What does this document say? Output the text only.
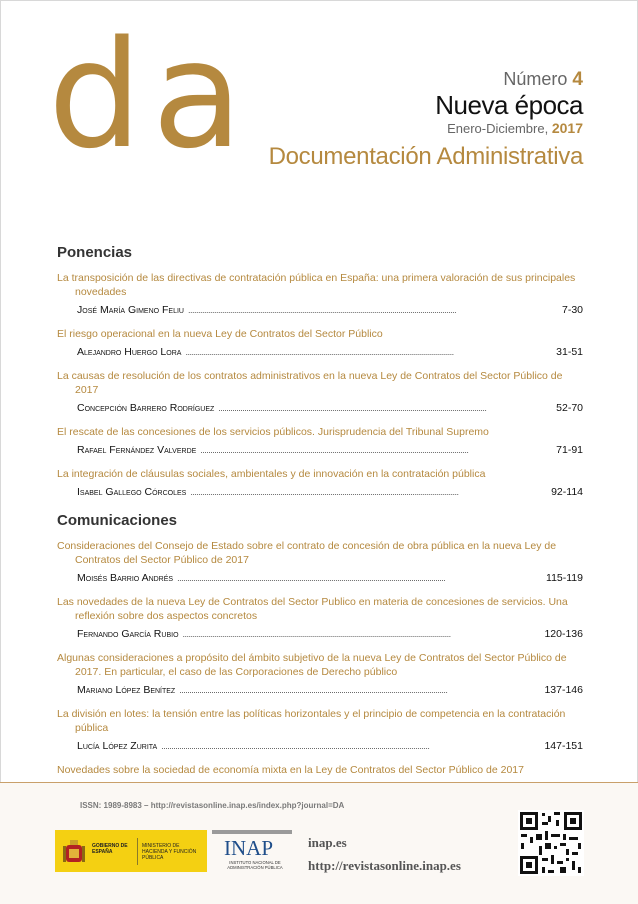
da	Número 4
Nueva época
Enero-Diciembre, 2017
Documentación Administrativa
Ponencias
La transposición de las directivas de contratación pública en España: una primera valoración de sus principales novedades
José María Gimeno Feliu . . .	7-30
El riesgo operacional en la nueva Ley de Contratos del Sector Público
Alejandro Huergo Lora . . .	31-51
La causas de resolución de los contratos administrativos en la nueva Ley de Contratos del Sector Público de 2017
Concepción Barrero Rodríguez . . .	52-70
El rescate de las concesiones de los servicios públicos. Jurisprudencia del Tribunal Supremo
Rafael Fernández Valverde . . .	71-91
La integración de cláusulas sociales, ambientales y de innovación en la contratación pública
Isabel Gallego Córcoles . . .	92-114
Comunicaciones
Consideraciones del Consejo de Estado sobre el contrato de concesión de obra pública en la nueva Ley de Contratos del Sector Público de 2017
Moisés Barrio Andrés . . .	115-119
Las novedades de la nueva Ley de Contratos del Sector Publico en materia de concesiones de servicios. Una reflexión sobre dos aspectos concretos
Fernando García Rubio . . .	120-136
Algunas consideraciones a propósito del ámbito subjetivo de la nueva Ley de Contratos del Sector Público de 2017. En particular, el caso de las Corporaciones de Derecho público
Mariano López Benítez . . .	137-146
La división en lotes: la tensión entre las políticas horizontales y el principio de competencia en la contratación pública
Lucía López Zurita . . .	147-151
Novedades sobre la sociedad de economía mixta en la Ley de Contratos del Sector Público de 2017
. . .
ISSN: 1989-8983 – http://revistasonline.inap.es/index.php?journal=DA
GOBIERNO DE ESPAÑA
MINISTERIO DE HACIENDA Y FUNCIÓN PÚBLICA	INAP
INSTITUTO NACIONAL DE ADMINISTRACIÓN PÚBLICA
inap.es
http://revistasonline.inap.es
